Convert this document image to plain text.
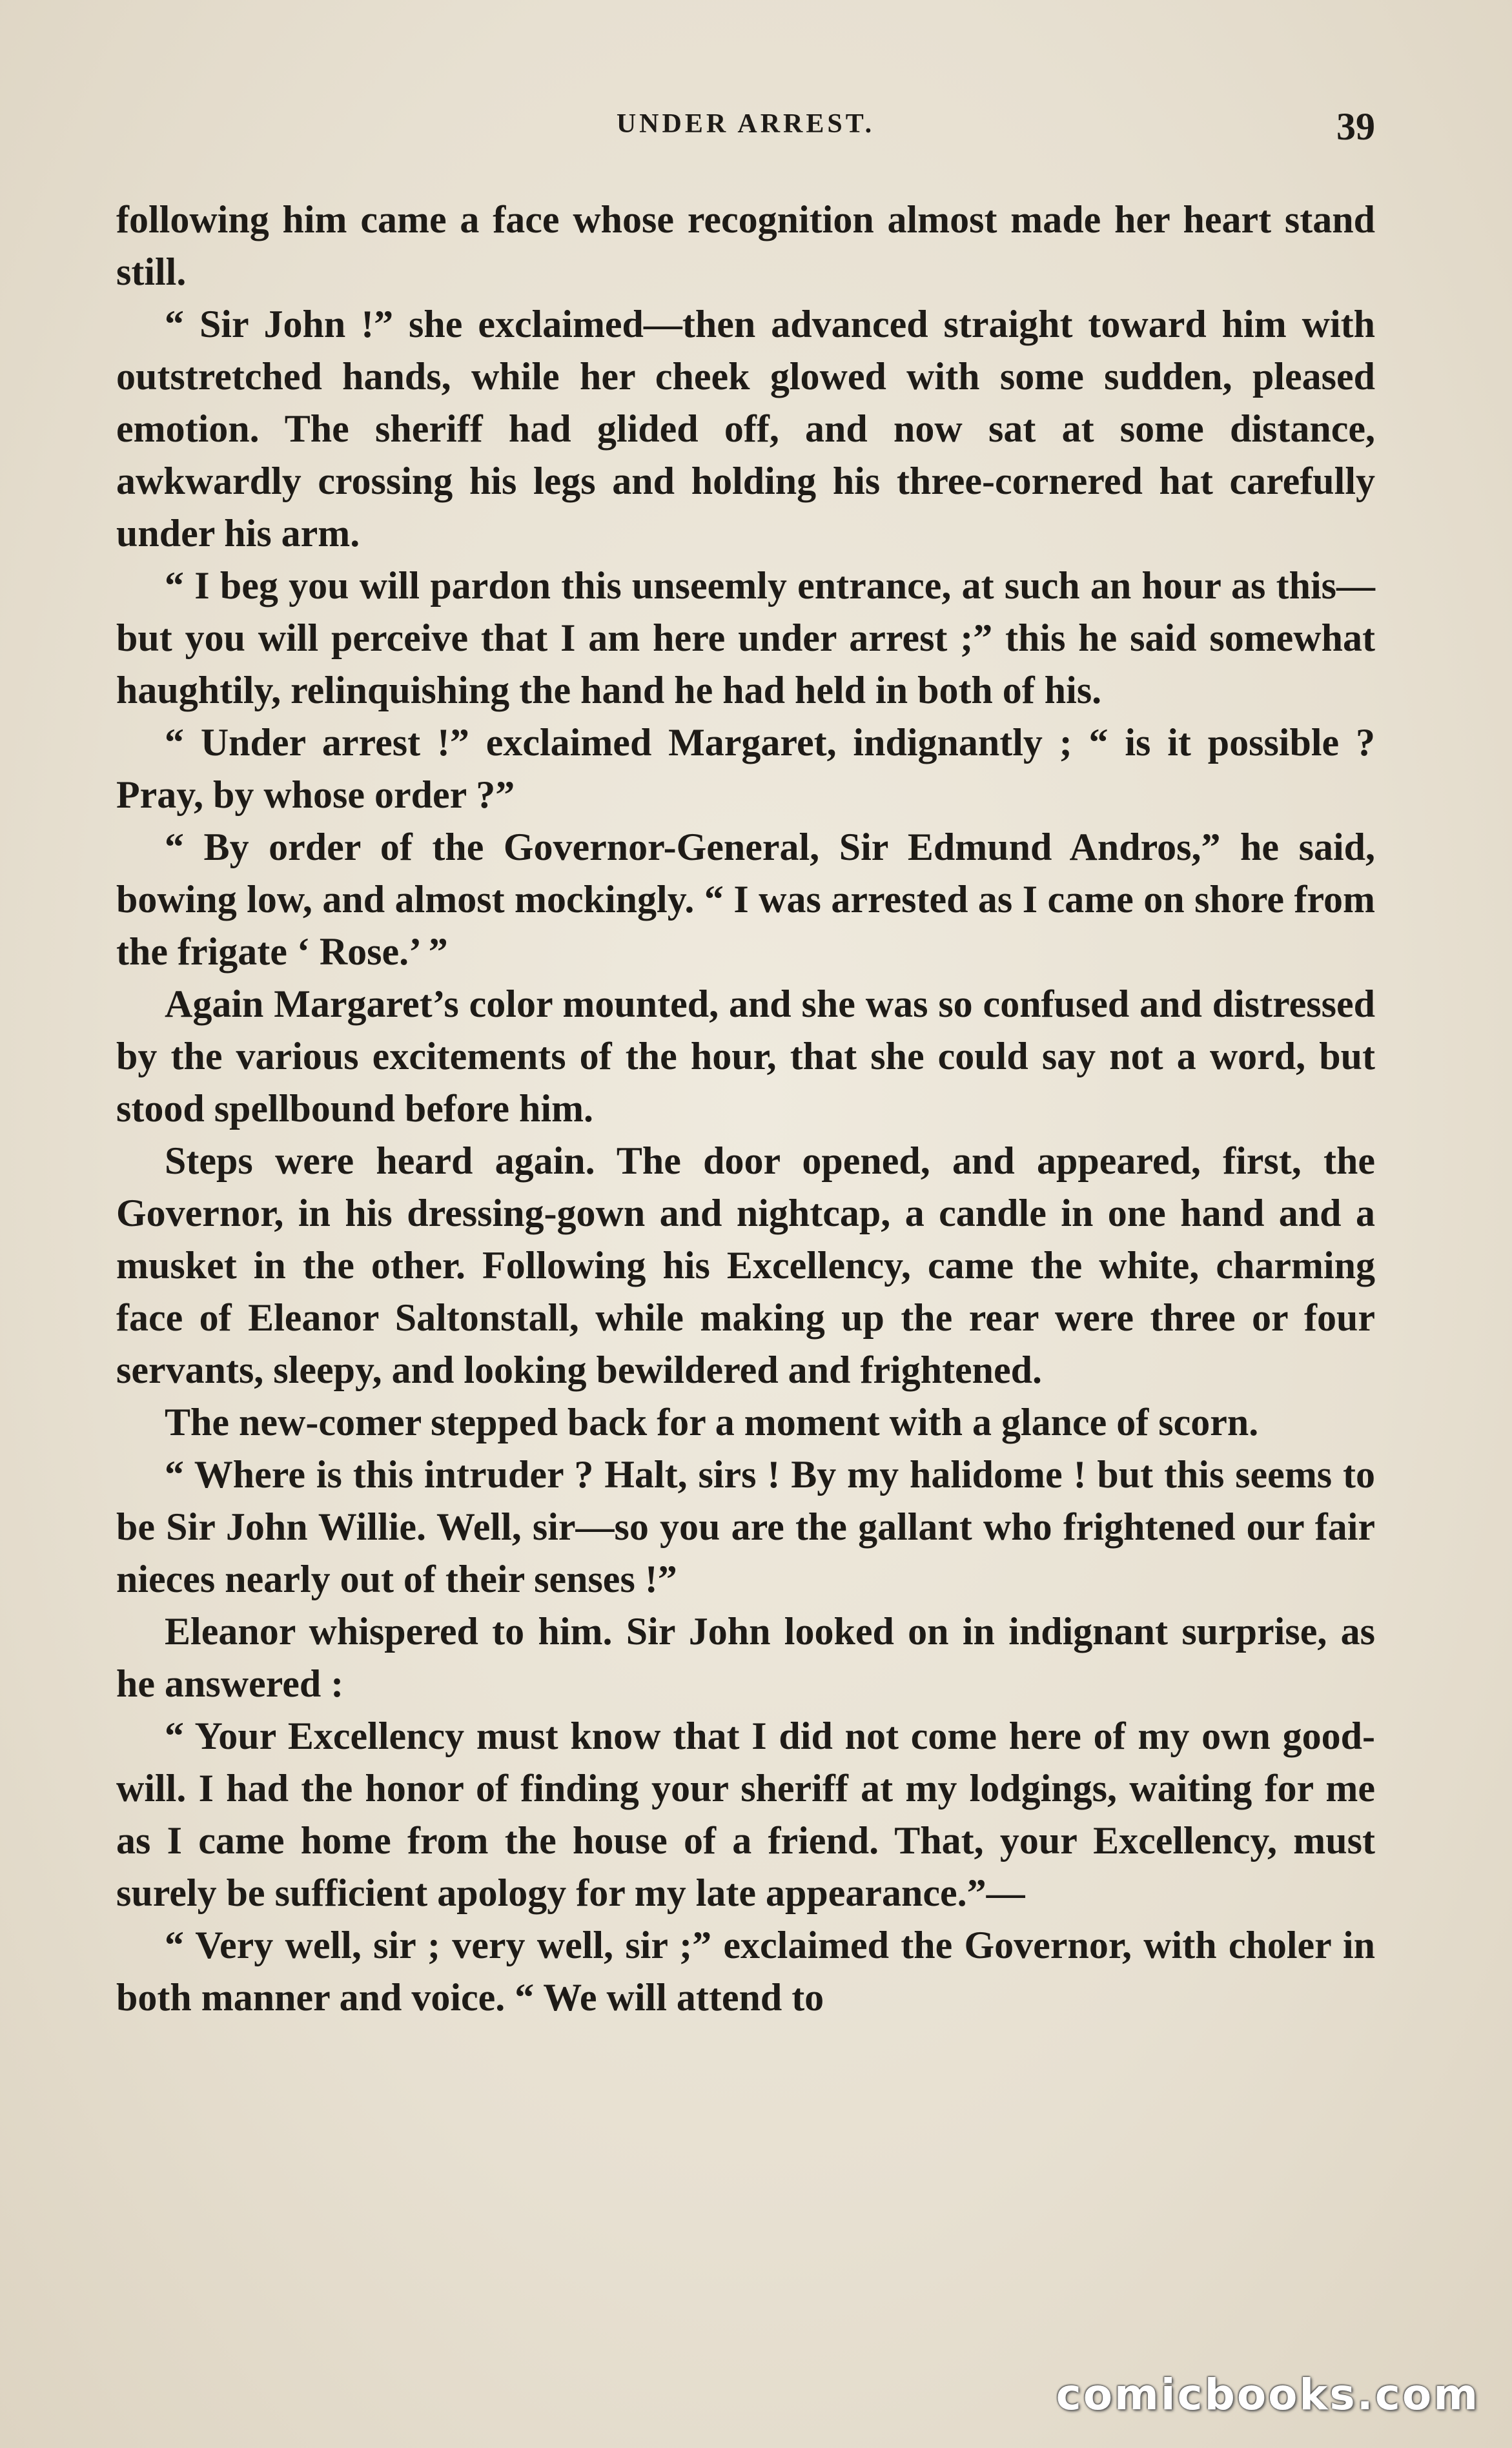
UNDER ARREST.	39

following him came a face whose recognition almost made her heart stand still.

“ Sir John !” she exclaimed—then advanced straight toward him with outstretched hands, while her cheek glowed with some sudden, pleased emotion. The sheriff had glided off, and now sat at some distance, awkwardly crossing his legs and holding his three-cornered hat carefully under his arm.

“ I beg you will pardon this unseemly entrance, at such an hour as this—but you will perceive that I am here under arrest ;” this he said somewhat haughtily, relinquishing the hand he had held in both of his.

“ Under arrest !” exclaimed Margaret, indignantly ; “ is it possible ? Pray, by whose order ?”

“ By order of the Governor-General, Sir Edmund Andros,” he said, bowing low, and almost mockingly. “ I was arrested as I came on shore from the frigate ‘ Rose.’ ”

Again Margaret’s color mounted, and she was so confused and distressed by the various excitements of the hour, that she could say not a word, but stood spellbound before him.

Steps were heard again. The door opened, and appeared, first, the Governor, in his dressing-gown and nightcap, a candle in one hand and a musket in the other. Following his Excellency, came the white, charming face of Eleanor Saltonstall, while making up the rear were three or four servants, sleepy, and looking bewildered and frightened.

The new-comer stepped back for a moment with a glance of scorn.

“ Where is this intruder ? Halt, sirs ! By my halidome ! but this seems to be Sir John Willie. Well, sir—so you are the gallant who frightened our fair nieces nearly out of their senses !”

Eleanor whispered to him. Sir John looked on in indignant surprise, as he answered :

“ Your Excellency must know that I did not come here of my own good-will. I had the honor of finding your sheriff at my lodgings, waiting for me as I came home from the house of a friend. That, your Excellency, must surely be sufficient apology for my late appearance.”—

“ Very well, sir ; very well, sir ;” exclaimed the Governor, with choler in both manner and voice. “ We will attend to

comicbooks.com
